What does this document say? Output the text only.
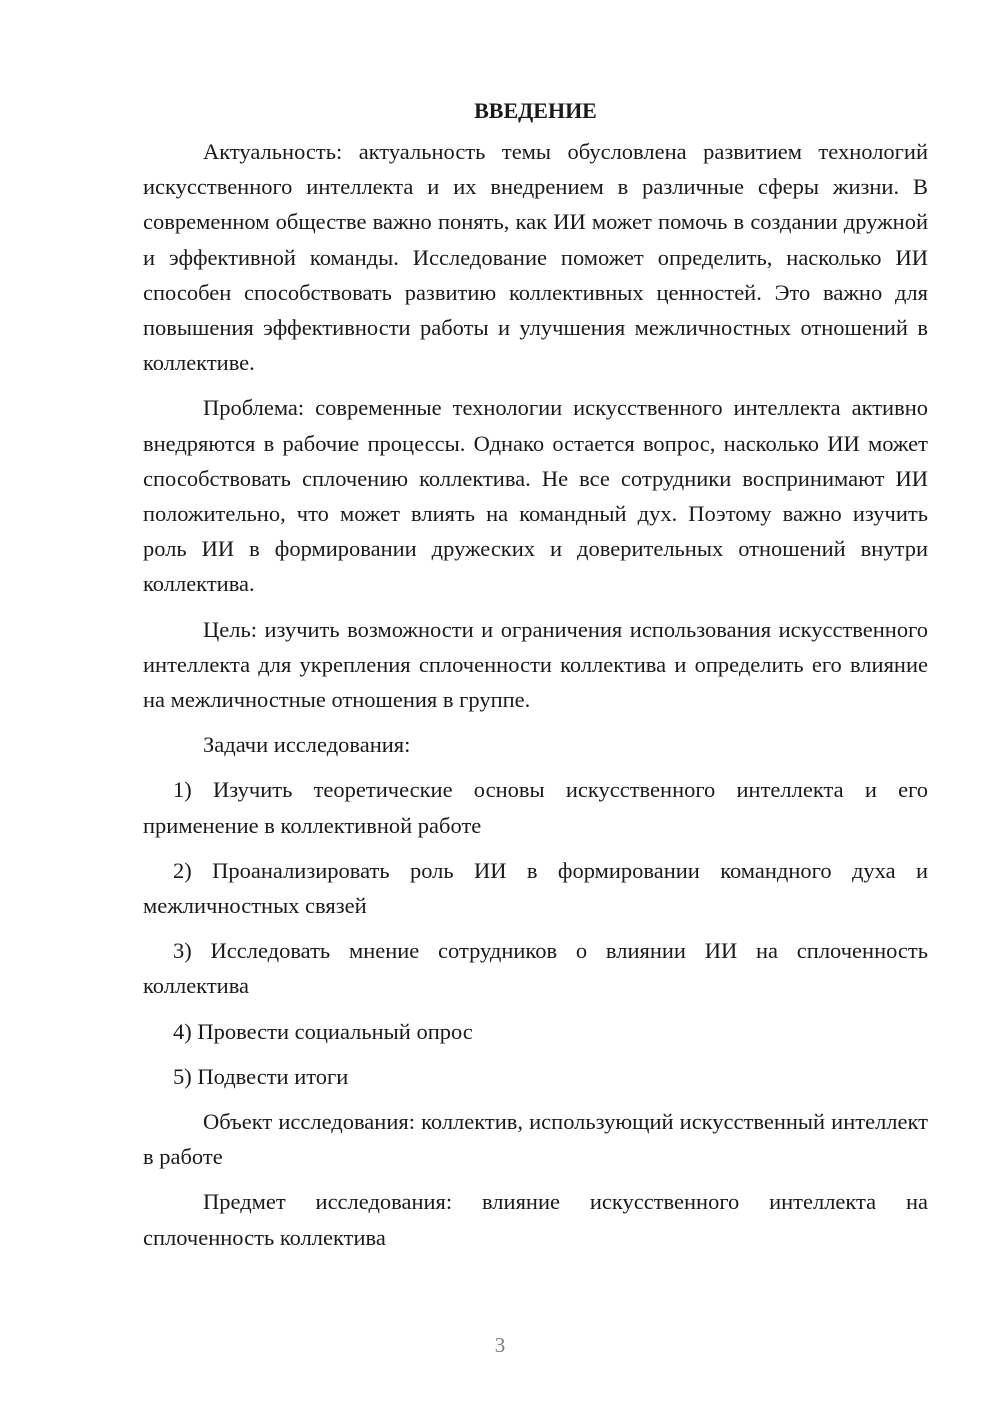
ВВЕДЕНИЕ

Актуальность: актуальность темы обусловлена развитием технологий искусственного интеллекта и их внедрением в различные сферы жизни. В современном обществе важно понять, как ИИ может помочь в создании дружной и эффективной команды. Исследование поможет определить, насколько ИИ способен способствовать развитию коллективных ценностей. Это важно для повышения эффективности работы и улучшения межличностных отношений в коллективе.

Проблема: современные технологии искусственного интеллекта активно внедряются в рабочие процессы. Однако остается вопрос, насколько ИИ может способствовать сплочению коллектива. Не все сотрудники воспринимают ИИ положительно, что может влиять на командный дух. Поэтому важно изучить роль ИИ в формировании дружеских и доверительных отношений внутри коллектива.

Цель: изучить возможности и ограничения использования искусственного интеллекта для укрепления сплоченности коллектива и определить его влияние на межличностные отношения в группе.

Задачи исследования:

1) Изучить теоретические основы искусственного интеллекта и его применение в коллективной работе

2) Проанализировать роль ИИ в формировании командного духа и межличностных связей

3) Исследовать мнение сотрудников о влиянии ИИ на сплоченность коллектива

4) Провести социальный опрос

5) Подвести итоги

Объект исследования: коллектив, использующий искусственный интеллект в работе

Предмет исследования: влияние искусственного интеллекта на сплоченность коллектива

3
